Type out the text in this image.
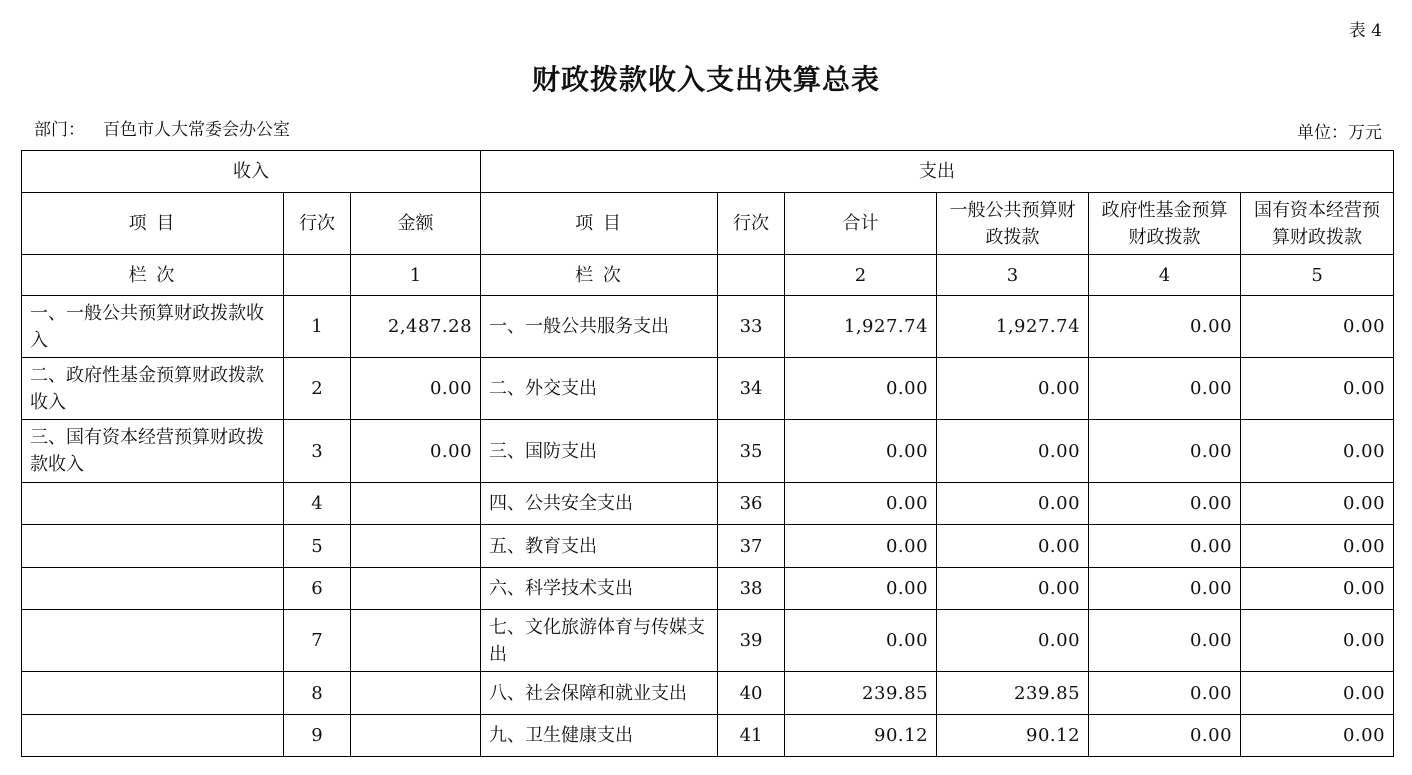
表 4
财政拨款收入支出决算总表
部门： 百色市人大常委会办公室	单位：万元
收入			支出					
项 目	行次	金额	项 目	行次	合计	一般公共预算财政拨款	政府性基金预算财政拨款	国有资本经营预算财政拨款
栏 次		1	栏 次		2	3	4	5
一、一般公共预算财政拨款收入	1	2,487.28	一、一般公共服务支出	33	1,927.74	1,927.74	0.00	0.00
二、政府性基金预算财政拨款收入	2	0.00	二、外交支出	34	0.00	0.00	0.00	0.00
三、国有资本经营预算财政拨款收入	3	0.00	三、国防支出	35	0.00	0.00	0.00	0.00
	4		四、公共安全支出	36	0.00	0.00	0.00	0.00
	5		五、教育支出	37	0.00	0.00	0.00	0.00
	6		六、科学技术支出	38	0.00	0.00	0.00	0.00
	7		七、文化旅游体育与传媒支出	39	0.00	0.00	0.00	0.00
	8		八、社会保障和就业支出	40	239.85	239.85	0.00	0.00
	9		九、卫生健康支出	41	90.12	90.12	0.00	0.00
